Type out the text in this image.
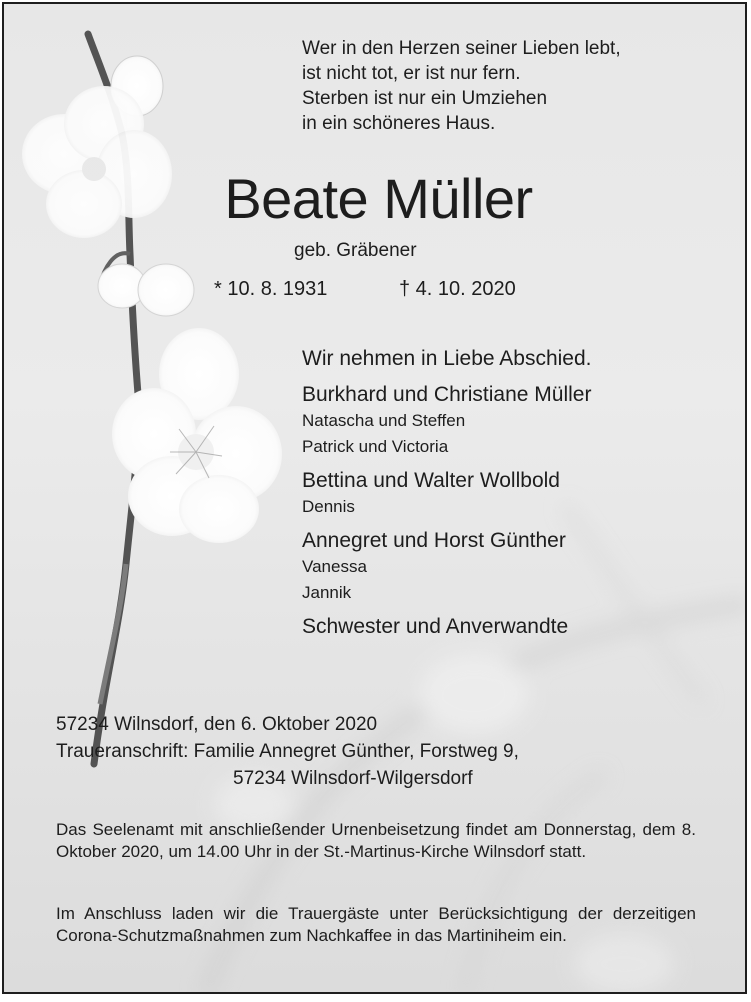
Wer in den Herzen seiner Lieben lebt,
ist nicht tot, er ist nur fern.
Sterben ist nur ein Umziehen
in ein schöneres Haus.
Beate Müller
geb. Gräbener
* 10. 8. 1931	† 4. 10. 2020
Wir nehmen in Liebe Abschied.
Burkhard und Christiane Müller
Natascha und Steffen
Patrick und Victoria
Bettina und Walter Wollbold
Dennis
Annegret und Horst Günther
Vanessa
Jannik
Schwester und Anverwandte
57234 Wilnsdorf, den 6. Oktober 2020
Traueranschrift: Familie Annegret Günther, Forstweg 9,
57234 Wilnsdorf-Wilgersdorf
Das Seelenamt mit anschließender Urnenbeisetzung findet am Donnerstag, dem 8. Oktober 2020, um 14.00 Uhr in der St.-Martinus-Kirche Wilnsdorf statt.
Im Anschluss laden wir die Trauergäste unter Berücksichtigung der derzeitigen Corona-Schutzmaßnahmen zum Nachkaffee in das Martiniheim ein.
